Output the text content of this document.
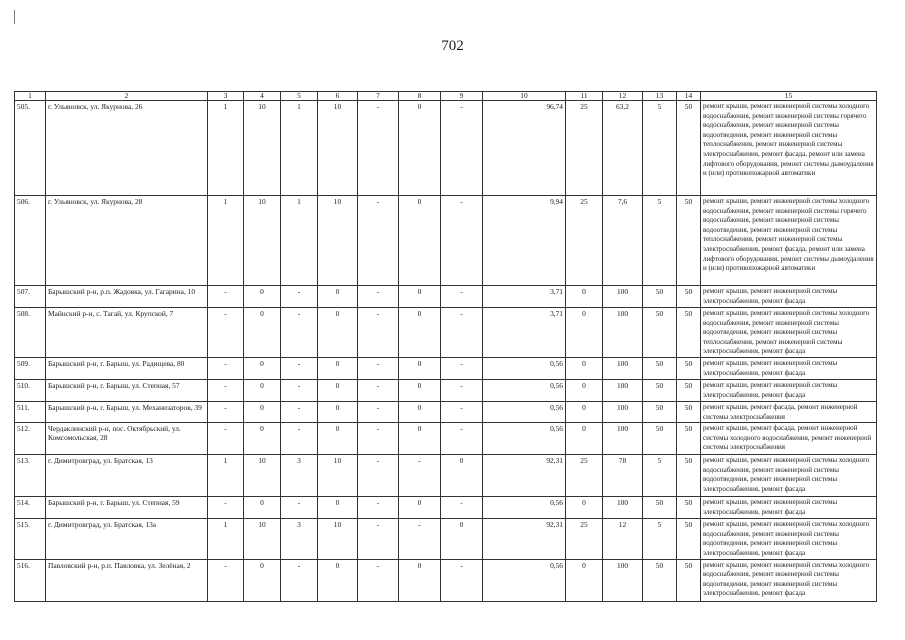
702
1	2	3	4	5	6	7	8	9	10	11	12	13	14	15
505.	г. Ульяновск, ул. Якурнова, 26	1	10	1	10	-	0	-	96,74	25	63,2	5	50	ремонт крыши, ремонт инженерной системы холодного водоснабжения, ремонт инженерной системы горячего водоснабжения, ремонт инженерной системы водоотведения, ремонт инженерной системы теплоснабжения, ремонт инженерной системы электроснабжения, ремонт фасада, ремонт или замена лифтового оборудования, ремонт системы дымоудаления и (или) противопожарной автоматики
506.	г. Ульяновск, ул. Якурнова, 28	1	10	1	10	-	0	-	9,94	25	7,6	5	50	ремонт крыши, ремонт инженерной системы холодного водоснабжения, ремонт инженерной системы горячего водоснабжения, ремонт инженерной системы водоотведения, ремонт инженерной системы теплоснабжения, ремонт инженерной системы электроснабжения, ремонт фасада, ремонт или замена лифтового оборудования, ремонт системы дымоудаления и (или) противопожарной автоматики
507.	Барышский р-н, р.п. Жадовка, ул. Гагарина, 10	-	0	-	0	-	0	-	3,71	0	100	50	50	ремонт крыши, ремонт инженерной системы электроснабжения, ремонт фасада
508.	Майнский р-н, с. Тагай, ул. Крупской, 7	-	0	-	0	-	0	-	3,71	0	100	50	50	ремонт крыши, ремонт инженерной системы холодного водоснабжения, ремонт инженерной системы водоотведения, ремонт инженерной системы теплоснабжения, ремонт инженерной системы электроснабжения, ремонт фасада
509.	Барышский р-н, г. Барыш, ул. Радищева, 80	-	0	-	0	-	0	-	0,56	0	100	50	50	ремонт крыши, ремонт инженерной системы электроснабжения, ремонт фасада
510.	Барышский р-н, г. Барыш, ул. Степная, 57	-	0	-	0	-	0	-	0,56	0	100	50	50	ремонт крыши, ремонт инженерной системы электроснабжения, ремонт фасада
511.	Барышский р-н, г. Барыш, ул. Механизаторов, 39	-	0	-	0	-	0	-	0,56	0	100	50	50	ремонт крыши, ремонт фасада, ремонт инженерной системы электроснабжения
512.	Чердаклинский р-н, пос. Октябрьский, ул. Комсомольская, 28	-	0	-	0	-	0	-	0,56	0	100	50	50	ремонт крыши, ремонт фасада, ремонт инженерной системы холодного водоснабжения, ремонт инженерной системы электроснабжения
513.	г. Димитровград, ул. Братская, 13	1	10	3	10	-	-	0	92,31	25	78	5	50	ремонт крыши, ремонт инженерной системы холодного водоснабжения, ремонт инженерной системы водоотведения, ремонт инженерной системы электроснабжения, ремонт фасада
514.	Барышский р-н, г. Барыш, ул. Степная, 59	-	0	-	0	-	0	-	0,56	0	100	50	50	ремонт крыши, ремонт инженерной системы электроснабжения, ремонт фасада
515.	г. Димитровград, ул. Братская, 13а	1	10	3	10	-	-	0	92,31	25	12	5	50	ремонт крыши, ремонт инженерной системы холодного водоснабжения, ремонт инженерной системы водоотведения, ремонт инженерной системы электроснабжения, ремонт фасада
516.	Павловский р-н, р.п. Павловка, ул. Зелёная, 2	-	0	-	0	-	0	-	0,56	0	100	50	50	ремонт крыши, ремонт инженерной системы холодного водоснабжения, ремонт инженерной системы водоотведения, ремонт инженерной системы электроснабжения, ремонт фасада
